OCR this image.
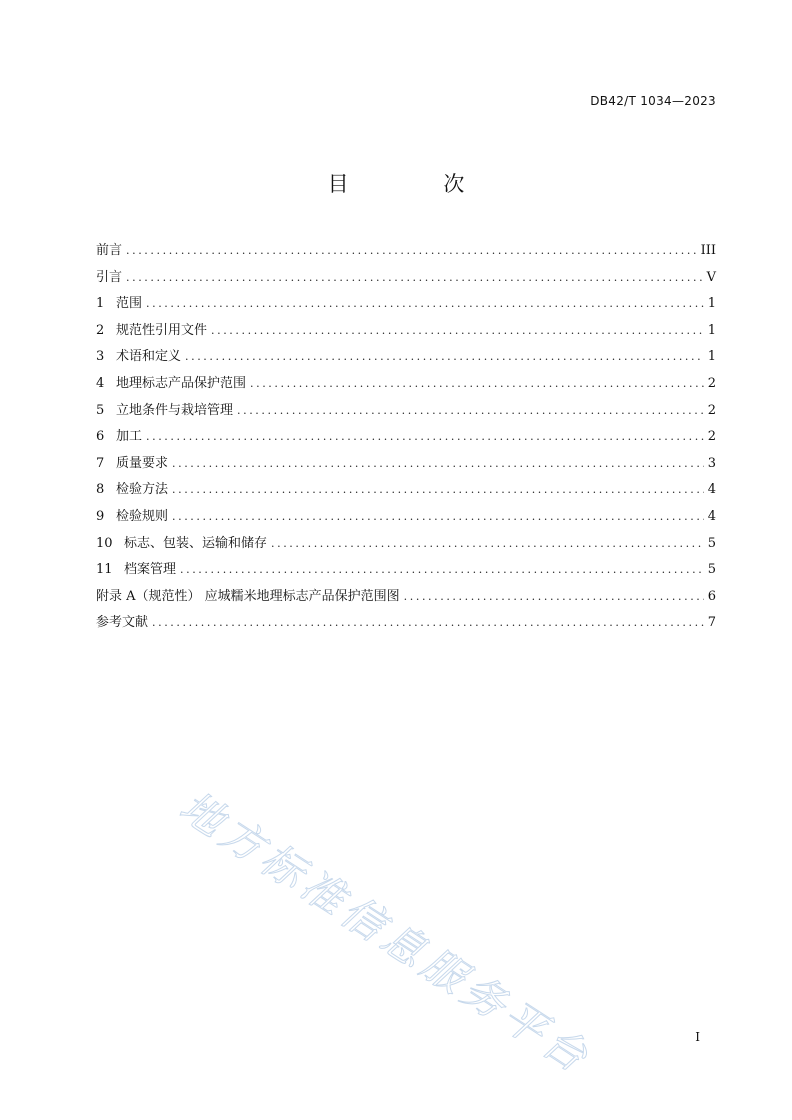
DB42/T 1034—2023
目 次
前言 .....	III
引言 .....	V
1 范围 .....	1
2 规范性引用文件 .....	1
3 术语和定义 .....	1
4 地理标志产品保护范围 .....	2
5 立地条件与栽培管理 .....	2
6 加工 .....	2
7 质量要求 .....	3
8 检验方法 .....	4
9 检验规则 .....	4
10 标志、包装、运输和储存 .....	5
11 档案管理 .....	5
附录 A（规范性） 应城糯米地理标志产品保护范围图 .....	6
参考文献 .....	7
地方标准信息服务平台	I
